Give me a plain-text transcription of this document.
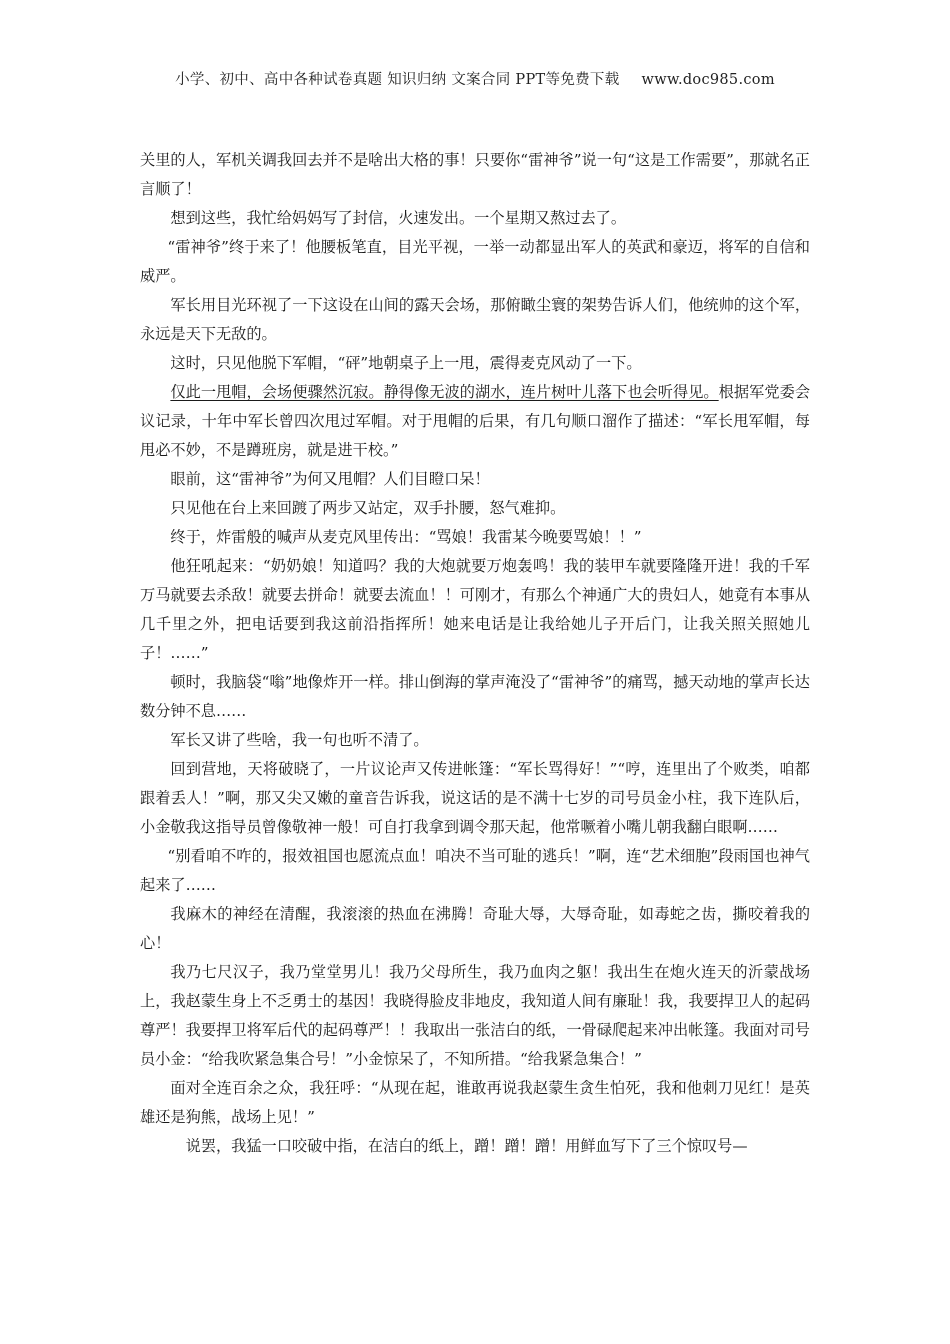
小学、初中、高中各种试卷真题 知识归纳 文案合同 PPT等免费下载 www.doc985.com

关里的人，军机关调我回去并不是啥出大格的事！只要你“雷神爷”说一句“这是工作需要”，那就名正言顺了！

想到这些，我忙给妈妈写了封信，火速发出。一个星期又熬过去了。

“雷神爷”终于来了！他腰板笔直，目光平视，一举一动都显出军人的英武和豪迈，将军的自信和威严。

军长用目光环视了一下这设在山间的露天会场，那俯瞰尘寰的架势告诉人们，他统帅的这个军，永远是天下无敌的。

这时，只见他脱下军帽，“砰”地朝桌子上一甩，震得麦克风动了一下。

仅此一甩帽，会场便骤然沉寂。静得像无波的湖水，连片树叶儿落下也会听得见。根据军党委会议记录，十年中军长曾四次甩过军帽。对于甩帽的后果，有几句顺口溜作了描述：“军长甩军帽，每甩必不妙，不是蹲班房，就是进干校。”

眼前，这“雷神爷”为何又甩帽？人们目瞪口呆！

只见他在台上来回踱了两步又站定，双手扑腰，怒气难抑。

终于，炸雷般的喊声从麦克风里传出：“骂娘！我雷某今晚要骂娘！！”

他狂吼起来：“奶奶娘！知道吗？我的大炮就要万炮轰鸣！我的装甲车就要隆隆开进！我的千军万马就要去杀敌！就要去拼命！就要去流血！！可刚才，有那么个神通广大的贵妇人，她竟有本事从几千里之外，把电话要到我这前沿指挥所！她来电话是让我给她儿子开后门，让我关照关照她儿子！……”

顿时，我脑袋“嗡”地像炸开一样。排山倒海的掌声淹没了“雷神爷”的痛骂，撼天动地的掌声长达数分钟不息……

军长又讲了些啥，我一句也听不清了。

回到营地，天将破晓了，一片议论声又传进帐篷：“军长骂得好！”“哼，连里出了个败类，咱都跟着丢人！”啊，那又尖又嫩的童音告诉我，说这话的是不满十七岁的司号员金小柱，我下连队后，小金敬我这指导员曾像敬神一般！可自打我拿到调令那天起，他常噘着小嘴儿朝我翻白眼啊……

“别看咱不咋的，报效祖国也愿流点血！咱决不当可耻的逃兵！”啊，连“艺术细胞”段雨国也神气起来了……

我麻木的神经在清醒，我滚滚的热血在沸腾！奇耻大辱，大辱奇耻，如毒蛇之齿，撕咬着我的心！

我乃七尺汉子，我乃堂堂男儿！我乃父母所生，我乃血肉之躯！我出生在炮火连天的沂蒙战场上，我赵蒙生身上不乏勇士的基因！我晓得脸皮非地皮，我知道人间有廉耻！我，我要捍卫人的起码尊严！我要捍卫将军后代的起码尊严！！我取出一张洁白的纸，一骨碌爬起来冲出帐篷。我面对司号员小金：“给我吹紧急集合号！”小金惊呆了，不知所措。“给我紧急集合！”

面对全连百余之众，我狂呼：“从现在起，谁敢再说我赵蒙生贪生怕死，我和他刺刀见红！是英雄还是狗熊，战场上见！”

说罢，我猛一口咬破中指，在洁白的纸上，蹭！蹭！蹭！用鲜血写下了三个惊叹号—
